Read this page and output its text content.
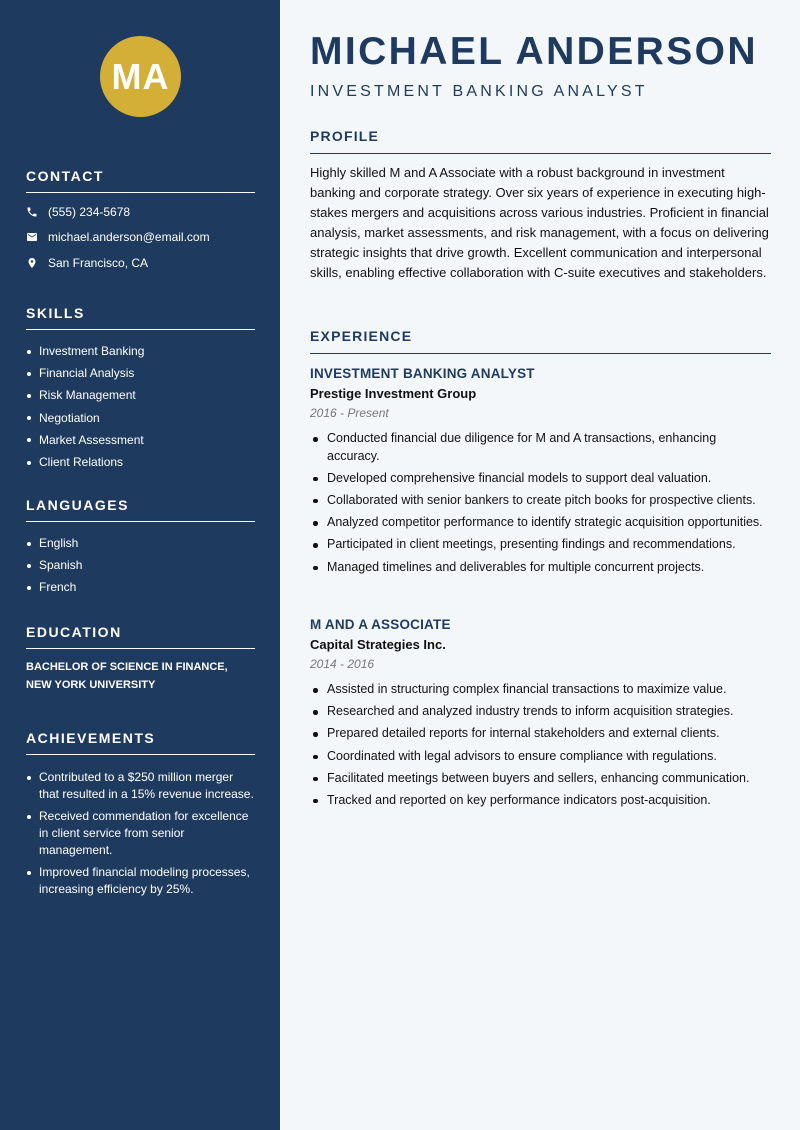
MA
CONTACT
(555) 234-5678
michael.anderson@email.com
San Francisco, CA
SKILLS
Investment Banking
Financial Analysis
Risk Management
Negotiation
Market Assessment
Client Relations
LANGUAGES
English
Spanish
French
EDUCATION
BACHELOR OF SCIENCE IN FINANCE, NEW YORK UNIVERSITY
ACHIEVEMENTS
Contributed to a $250 million merger that resulted in a 15% revenue increase.
Received commendation for excellence in client service from senior management.
Improved financial modeling processes, increasing efficiency by 25%.
MICHAEL ANDERSON
INVESTMENT BANKING ANALYST
PROFILE
Highly skilled M and A Associate with a robust background in investment banking and corporate strategy. Over six years of experience in executing high-stakes mergers and acquisitions across various industries. Proficient in financial analysis, market assessments, and risk management, with a focus on delivering strategic insights that drive growth. Excellent communication and interpersonal skills, enabling effective collaboration with C-suite executives and stakeholders.
EXPERIENCE
INVESTMENT BANKING ANALYST
Prestige Investment Group
2016 - Present
Conducted financial due diligence for M and A transactions, enhancing accuracy.
Developed comprehensive financial models to support deal valuation.
Collaborated with senior bankers to create pitch books for prospective clients.
Analyzed competitor performance to identify strategic acquisition opportunities.
Participated in client meetings, presenting findings and recommendations.
Managed timelines and deliverables for multiple concurrent projects.
M AND A ASSOCIATE
Capital Strategies Inc.
2014 - 2016
Assisted in structuring complex financial transactions to maximize value.
Researched and analyzed industry trends to inform acquisition strategies.
Prepared detailed reports for internal stakeholders and external clients.
Coordinated with legal advisors to ensure compliance with regulations.
Facilitated meetings between buyers and sellers, enhancing communication.
Tracked and reported on key performance indicators post-acquisition.
